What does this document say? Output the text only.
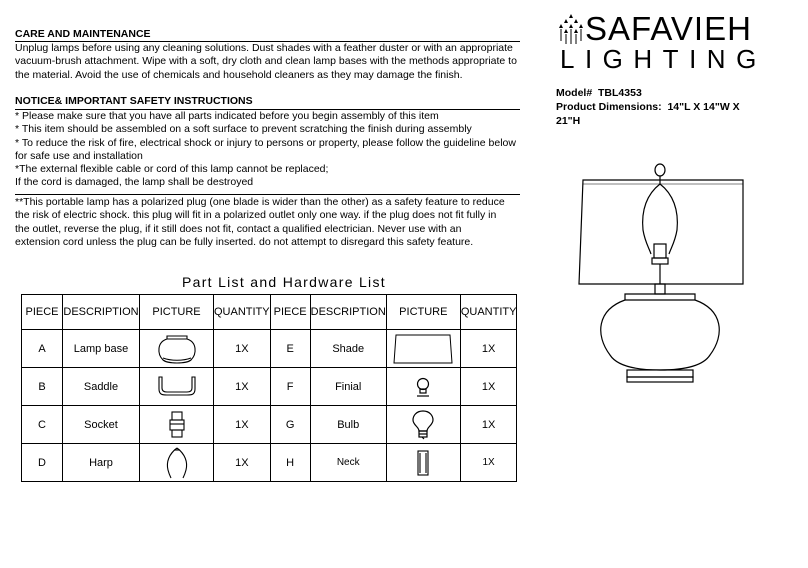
CARE AND MAINTENANCE
Unplug lamps before using any cleaning solutions. Dust shades with a feather duster or with an appropriate
vacuum-brush attachment. Wipe with a soft, dry cloth and clean lamp bases with the methods appropriate to
the material. Avoid the use of chemicals and household cleaners as they may damage the finish.
NOTICE& IMPORTANT SAFETY INSTRUCTIONS
* Please make sure that you have all parts indicated before you begin assembly of this item
* This item should be assembled on a soft surface to prevent scratching the finish during assembly
* To reduce the risk of fire, electrical shock or injury to persons or property, please follow the guideline below
for safe use and installation
*The external flexible cable or cord of this lamp cannot be replaced;
If the cord is damaged, the lamp shall be destroyed
**This portable lamp has a polarized plug (one blade is wider than the other) as a safety feature to reduce
the risk of electric shock. this plug will fit in a polarized outlet only one way. if the plug does not fit fully in
the outlet, reverse the plug, if it still does not fit, contact a qualified electrician. Never use with an
extension cord unless the plug can be fully inserted. do not attempt to disregard this safety feature.
SAFAVIEH
LIGHTING
Model# TBL4353
Product Dimensions: 14"L X 14"W X
21"H
Part List and Hardware List
PIECE	DESCRIPTION	PICTURE	QUANTITY	PIECE	DESCRIPTION	PICTURE	QUANTITY
A	Lamp base		1X	E	Shade		1X
B	Saddle		1X	F	Finial		1X
C	Socket		1X	G	Bulb		1X
D	Harp		1X	H	Neck		1X
